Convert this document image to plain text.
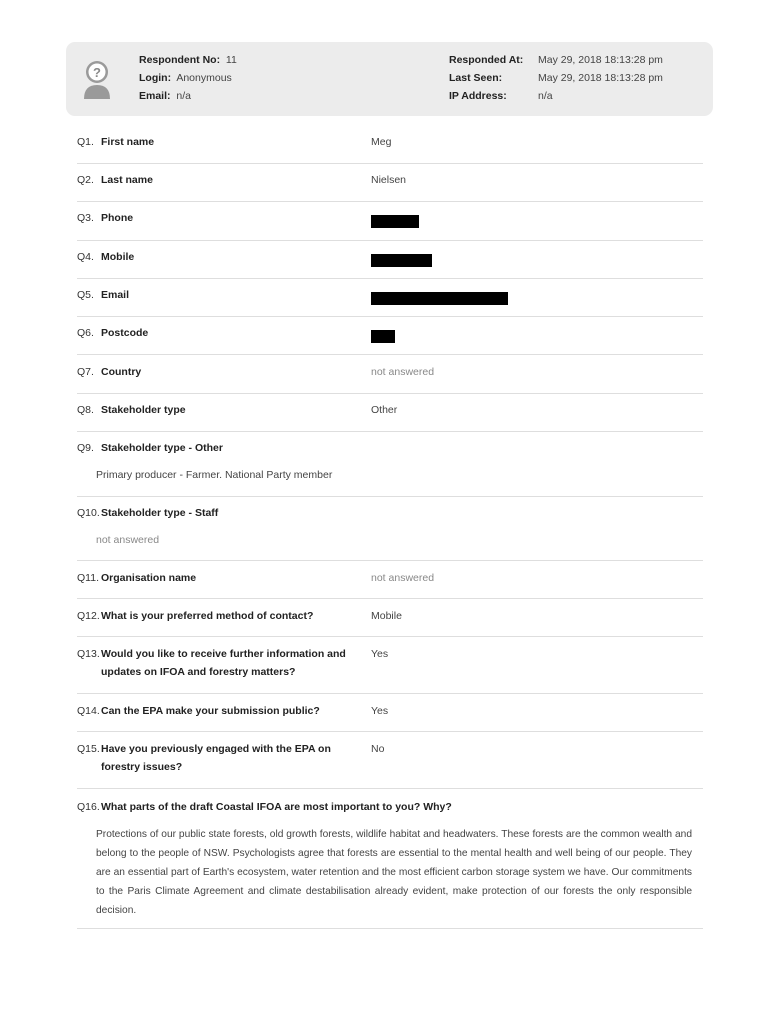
?
Respondent No: 11
Login: Anonymous
Email: n/a
Responded At: May 29, 2018 18:13:28 pm
Last Seen:	May 29, 2018 18:13:28 pm
IP Address:	n/a
Q1. First name	Meg
Q2. Last name	Nielsen
Q3. Phone
Q4. Mobile
Q5. Email
Q6. Postcode
Q7. Country	not answered
Q8. Stakeholder type	Other
Q9. Stakeholder type - Other
Primary producer - Farmer. National Party member
Q10. Stakeholder type - Staff
not answered
Q11. Organisation name	not answered
Q12. What is your preferred method of contact?	Mobile
Q13. Would you like to receive further information and updates on IFOA and forestry matters?
Yes
Q14. Can the EPA make your submission public?	Yes
Q15. Have you previously engaged with the EPA on forestry issues?
No
Q16. What parts of the draft Coastal IFOA are most important to you? Why?
Protections of our public state forests, old growth forests, wildlife habitat and headwaters. These forests are the common wealth and belong to the people of NSW. Psychologists agree that forests are essential to the mental health and well being of our people. They are an essential part of Earth's ecosystem, water retention and the most efficient carbon storage system we have. Our commitments to the Paris Climate Agreement and climate destabilisation already evident, make protection of our forests the only responsible decision.
